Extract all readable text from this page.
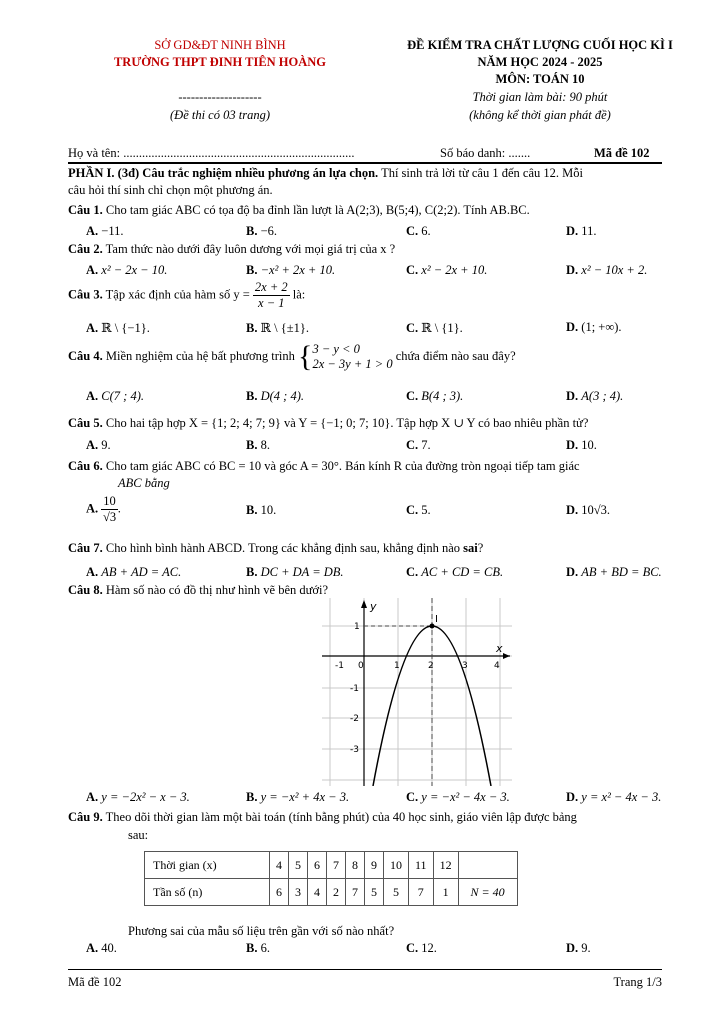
SỞ GD&ĐT NINH BÌNH
TRƯỜNG THPT ĐINH TIÊN HOÀNG
--------------------
(Đề thi có 03 trang)
ĐỀ KIỂM TRA CHẤT LƯỢNG CUỐI HỌC KÌ I
NĂM HỌC 2024 - 2025
MÔN: TOÁN 10
Thời gian làm bài: 90 phút
(không kể thời gian phát đề)
Họ và tên: ..........................................................................	Số báo danh: .......	Mã đề 102
PHẦN I. (3đ) Câu trắc nghiệm nhiều phương án lựa chọn. Thí sinh trả lời từ câu 1 đến câu 12. Mỗi
câu hỏi thí sinh chỉ chọn một phương án.
Câu 1. Cho tam giác ABC có tọa độ ba đỉnh lần lượt là A(2;3), B(5;4), C(2;2). Tính AB.BC.
A. −11.	B. −6.	C. 6.	D. 11.
Câu 2. Tam thức nào dưới đây luôn dương với mọi giá trị của x ?
A. x² − 2x − 10.	B. −x² + 2x + 10.	C. x² − 2x + 10.	D. x² − 10x + 2.
Câu 3. Tập xác định của hàm số $y = \frac{2x + 2}{x - 1}$ là:
A. ℝ \ {−1}.	B. ℝ \ {±1}.	C. ℝ \ {1}.	D. (1; +∞).
Câu 4. Miền nghiệm của hệ bất phương trình { 3 − y < 0
2x − 3y + 1 > 0
chứa điểm nào sau đây?
A. C(7 ; 4).	B. D(4 ; 4).	C. B(4 ; 3).	D. A(3 ; 4).
Câu 5. Cho hai tập hợp X = {1; 2; 4; 7; 9} và Y = {−1; 0; 7; 10}. Tập hợp X ∪ Y có bao nhiêu phần tử?
A. 9.	B. 8.	C. 7.	D. 10.
Câu 6. Cho tam giác ABC có BC = 10 và góc A = 30°. Bán kính R của đường tròn ngoại tiếp tam giác
ABC bằng
A. $\frac{10}{√3}$ .	B. 10.	C. 5.	D. 10√3.
Câu 7. Cho hình bình hành ABCD. Trong các khẳng định sau, khẳng định nào sai?
A. AB + AD = AC.	B. DC + DA = DB.	C. AC + CD = CB.	D. AB + BD = BC.
Câu 8. Hàm số nào có đồ thị như hình vẽ bên dưới?
-1 0	1	2	3	4
1
-1
-2
-3
x
y
I
A. y = −2x² − x − 3.	B. y = −x² + 4x − 3.	C. y = −x² − 4x − 3.	D. y = x² − 4x − 3.
Câu 9. Theo dõi thời gian làm một bài toán (tính bằng phút) của 40 học sinh, giáo viên lập được bảng
sau:
Thời gian (x)	4	5	6	7	8	9	10	11	12	
Tần số (n)	6	3	4	2	7	5	5	7	1	N = 40
Phương sai của mẫu số liệu trên gần với số nào nhất?
A. 40.	B. 6.	C. 12.	D. 9.
Mã đề 102	Trang 1/3
